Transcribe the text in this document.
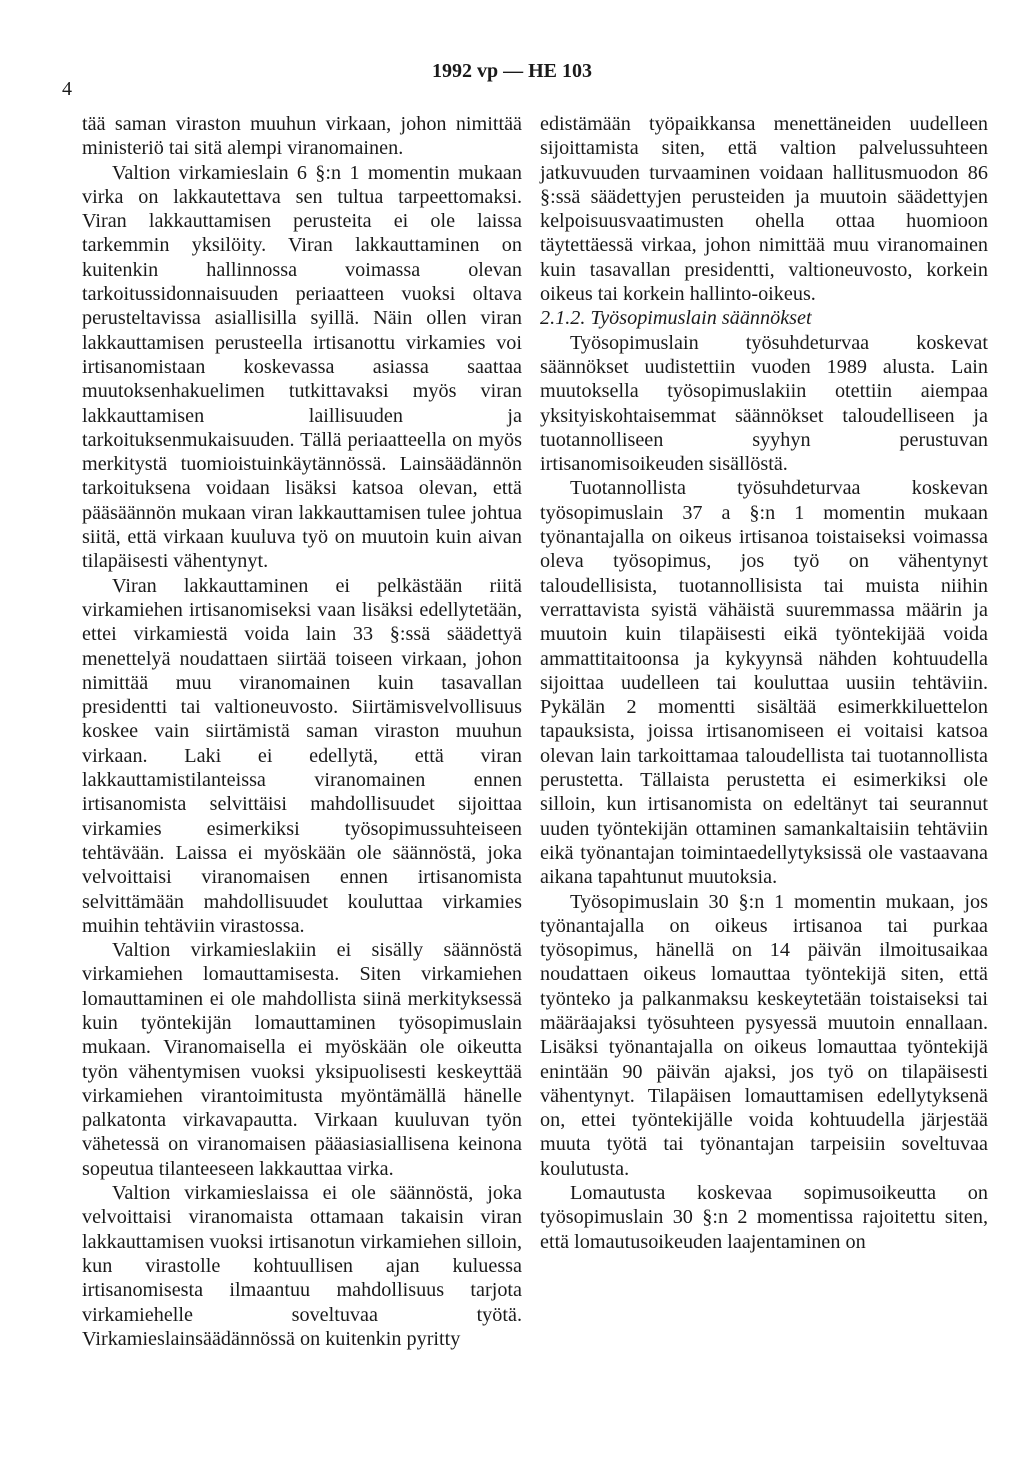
4
1992 vp — HE 103

tää saman viraston muuhun virkaan, johon nimittää ministeriö tai sitä alempi viranomainen.

Valtion virkamieslain 6 §:n 1 momentin mukaan virka on lakkautettava sen tultua tarpeettomaksi. Viran lakkauttamisen perusteita ei ole laissa tarkemmin yksilöity. Viran lakkauttaminen on kuitenkin hallinnossa voimassa olevan tarkoitussidonnaisuuden periaatteen vuoksi oltava perusteltavissa asiallisilla syillä. Näin ollen viran lakkauttamisen perusteella irtisanottu virkamies voi irtisanomistaan koskevassa asiassa saattaa muutoksenhakuelimen tutkittavaksi myös viran lakkauttamisen laillisuuden ja tarkoituksenmukaisuuden. Tällä periaatteella on myös merkitystä tuomioistuinkäytännössä. Lainsäädännön tarkoituksena voidaan lisäksi katsoa olevan, että pääsäännön mukaan viran lakkauttamisen tulee johtua siitä, että virkaan kuuluva työ on muutoin kuin aivan tilapäisesti vähentynyt.

Viran lakkauttaminen ei pelkästään riitä virkamiehen irtisanomiseksi vaan lisäksi edellytetään, ettei virkamiestä voida lain 33 §:ssä säädettyä menettelyä noudattaen siirtää toiseen virkaan, johon nimittää muu viranomainen kuin tasavallan presidentti tai valtioneuvosto. Siirtämisvelvollisuus koskee vain siirtämistä saman viraston muuhun virkaan. Laki ei edellytä, että viran lakkauttamistilanteissa viranomainen ennen irtisanomista selvittäisi mahdollisuudet sijoittaa virkamies esimerkiksi työsopimussuhteiseen tehtävään. Laissa ei myöskään ole säännöstä, joka velvoittaisi viranomaisen ennen irtisanomista selvittämään mahdollisuudet kouluttaa virkamies muihin tehtäviin virastossa.

Valtion virkamieslakiin ei sisälly säännöstä virkamiehen lomauttamisesta. Siten virkamiehen lomauttaminen ei ole mahdollista siinä merkityksessä kuin työntekijän lomauttaminen työsopimuslain mukaan. Viranomaisella ei myöskään ole oikeutta työn vähentymisen vuoksi yksipuolisesti keskeyttää virkamiehen virantoimitusta myöntämällä hänelle palkatonta virkavapautta. Virkaan kuuluvan työn vähetessä on viranomaisen pääasiasiallisena keinona sopeutua tilanteeseen lakkauttaa virka.

Valtion virkamieslaissa ei ole säännöstä, joka velvoittaisi viranomaista ottamaan takaisin viran lakkauttamisen vuoksi irtisanotun virkamiehen silloin, kun virastolle kohtuullisen ajan kuluessa irtisanomisesta ilmaantuu mahdollisuus tarjota virkamiehelle soveltuvaa työtä. Virkamieslainsäädännössä on kuitenkin pyritty

edistämään työpaikkansa menettäneiden uudelleen sijoittamista siten, että valtion palvelussuhteen jatkuvuuden turvaaminen voidaan hallitusmuodon 86 §:ssä säädettyjen perusteiden ja muutoin säädettyjen kelpoisuusvaatimusten ohella ottaa huomioon täytettäessä virkaa, johon nimittää muu viranomainen kuin tasavallan presidentti, valtioneuvosto, korkein oikeus tai korkein hallinto-oikeus.

2.1.2. Työsopimuslain säännökset

Työsopimuslain työsuhdeturvaa koskevat säännökset uudistettiin vuoden 1989 alusta. Lain muutoksella työsopimuslakiin otettiin aiempaa yksityiskohtaisemmat säännökset taloudelliseen ja tuotannolliseen syyhyn perustuvan irtisanomisoikeuden sisällöstä.

Tuotannollista työsuhdeturvaa koskevan työsopimuslain 37 a §:n 1 momentin mukaan työnantajalla on oikeus irtisanoa toistaiseksi voimassa oleva työsopimus, jos työ on vähentynyt taloudellisista, tuotannollisista tai muista niihin verrattavista syistä vähäistä suuremmassa määrin ja muutoin kuin tilapäisesti eikä työntekijää voida ammattitaitoonsa ja kykyynsä nähden kohtuudella sijoittaa uudelleen tai kouluttaa uusiin tehtäviin. Pykälän 2 momentti sisältää esimerkkiluettelon tapauksista, joissa irtisanomiseen ei voitaisi katsoa olevan lain tarkoittamaa taloudellista tai tuotannollista perustetta. Tällaista perustetta ei esimerkiksi ole silloin, kun irtisanomista on edeltänyt tai seurannut uuden työntekijän ottaminen samankaltaisiin tehtäviin eikä työnantajan toimintaedellytyksissä ole vastaavana aikana tapahtunut muutoksia.

Työsopimuslain 30 §:n 1 momentin mukaan, jos työnantajalla on oikeus irtisanoa tai purkaa työsopimus, hänellä on 14 päivän ilmoitusaikaa noudattaen oikeus lomauttaa työntekijä siten, että työnteko ja palkanmaksu keskeytetään toistaiseksi tai määräajaksi työsuhteen pysyessä muutoin ennallaan. Lisäksi työnantajalla on oikeus lomauttaa työntekijä enintään 90 päivän ajaksi, jos työ on tilapäisesti vähentynyt. Tilapäisen lomauttamisen edellytyksenä on, ettei työntekijälle voida kohtuudella järjestää muuta työtä tai työnantajan tarpeisiin soveltuvaa koulutusta.

Lomautusta koskevaa sopimusoikeutta on työsopimuslain 30 §:n 2 momentissa rajoitettu siten, että lomautusoikeuden laajentaminen on
